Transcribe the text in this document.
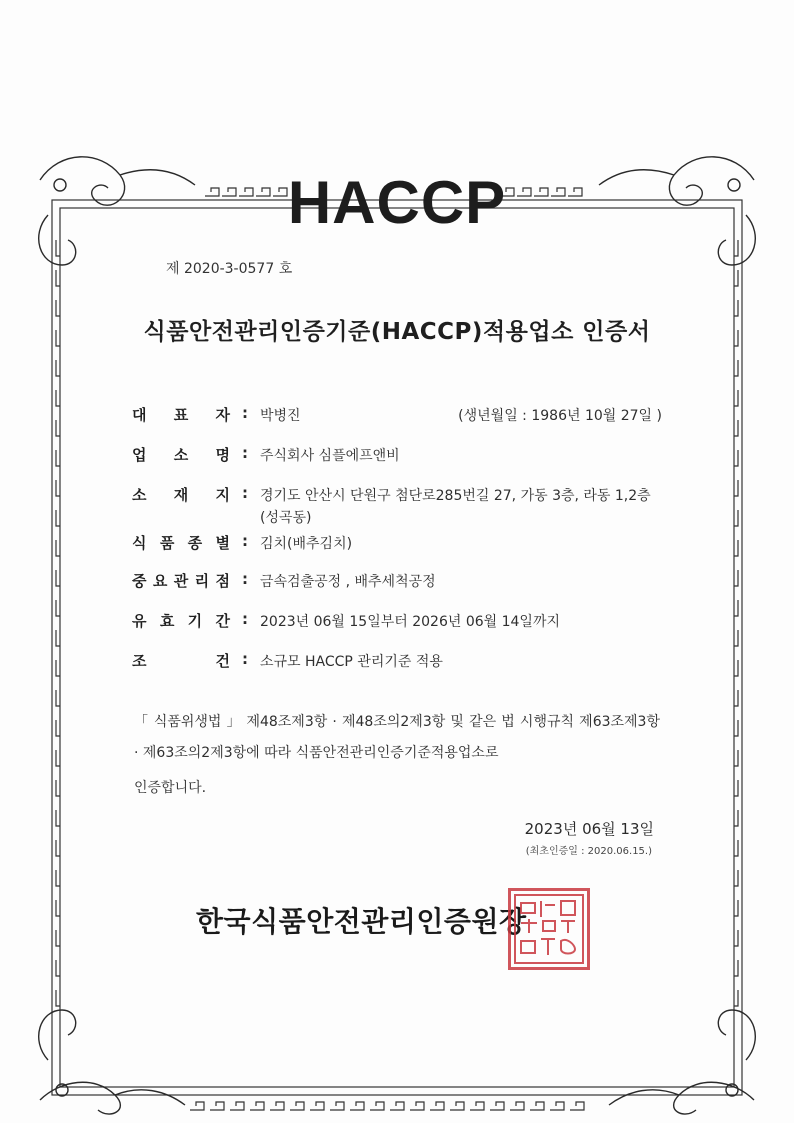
HACCP
제 2020-3-0577 호
식품안전관리인증기준(HACCP)적용업소 인증서
대 표 자 : 박병진	(생년월일 : 1986년 10월 27일 )
업 소 명 : 주식회사 심플에프앤비
소 재 지 : 경기도 안산시 단원구 첨단로285번길 27, 가동 3층, 라동 1,2층 (성곡동)
식 품 종 별 : 김치(배추김치)
중 요 관 리 점 : 금속검출공정 , 배추세척공정
유 효 기 간 : 2023년 06월 15일부터 2026년 06월 14일까지
조	건 : 소규모 HACCP 관리기준 적용
「 식품위생법 」 제48조제3항 · 제48조의2제3항 및 같은 법 시행규칙 제63조제3항 · 제63조의2제3항에 따라 식품안전관리인증기준적용업소로
인증합니다.
2023년 06월 13일
(최초인증일 : 2020.06.15.)
한국식품안전관리인증원장
